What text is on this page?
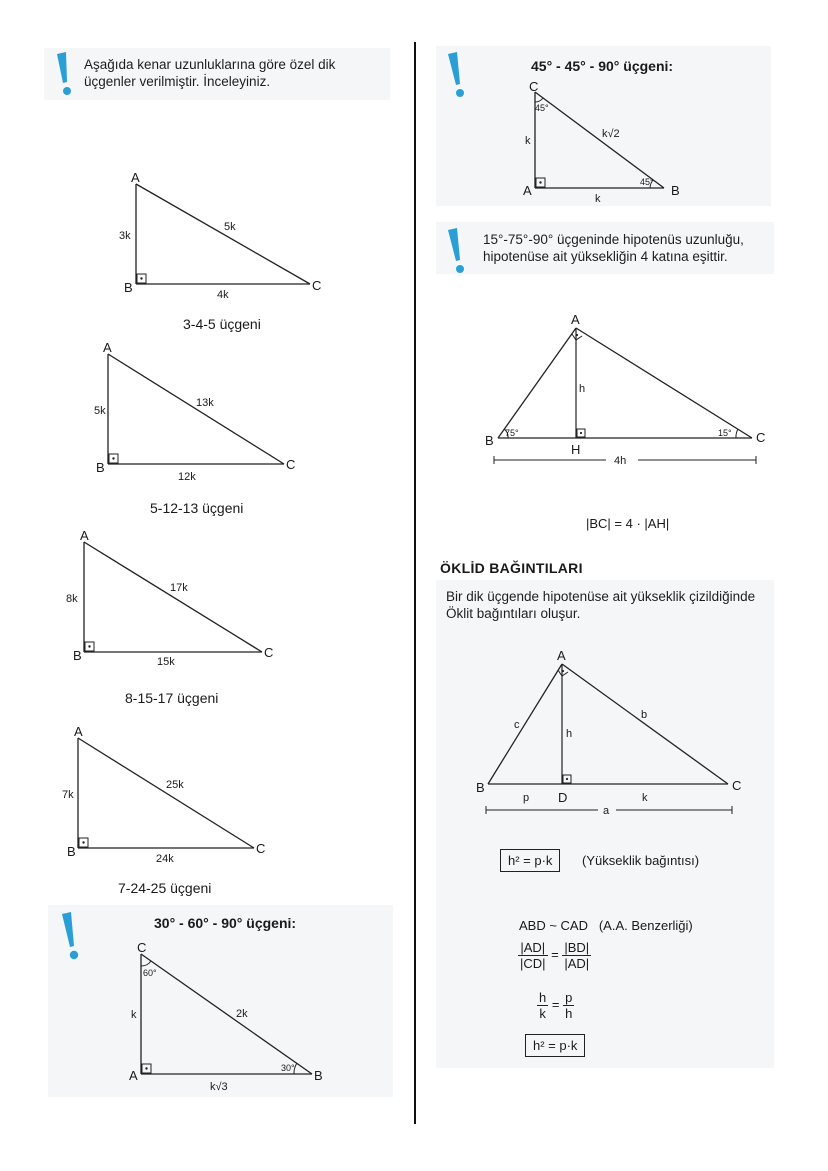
Aşağıda kenar uzunluklarına göre özel dik üçgenler verilmiştir. İnceleyiniz.
A
B	C
3k
5k
4k
3-4-5 üçgeni
A
B	C
5k
13k
12k
5-12-13 üçgeni
A
B	C
8k
17k
15k
8-15-17 üçgeni
A
B	C
7k
25k
24k
7-24-25 üçgeni
30° - 60° - 90° üçgeni:
C
A	B
60°
30°
k	2k
k√3
45° - 45° - 90° üçgeni:
C
A	B
45°
45°
k
k√2
k
15°-75°-90° üçgeninde hipotenüs uzunluğu, hipotenüse ait yüksekliğin 4 katına eşittir.
A
B	C
H
75°	15°
h
4h
|BC| = 4 · |AH|
ÖKLİD BAĞINTILARI
Bir dik üçgende hipotenüse ait yükseklik çizildiğinde Öklit bağıntıları oluşur.
A
B	C
D
c
b
h
p	k
a
h² = p·k	(Yükseklik bağıntısı)
ABD ~ CAD   (A.A. Benzerliği)
$\frac{|AD|}{|CD|} = \frac{|BD|}{|AD|}$
$\frac{h}{k} = \frac{p}{h}$
h² = p·k
